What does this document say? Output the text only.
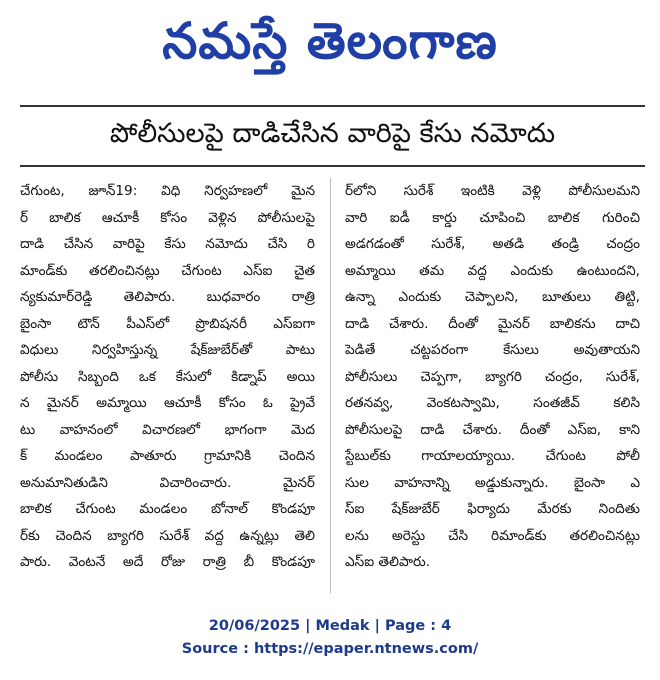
నమస్తే తెలంగాణ
పోలీసులపై దాడిచేసిన వారిపై కేసు నమోదు
చేగుంట, జూన్19: విధి నిర్వహణలో మైన
ర్ బాలిక ఆచూకీ కోసం వెళ్లిన పోలీసులపై
దాడి చేసిన వారిపై కేసు నమోదు చేసి రి
మాండ్‌కు తరలించినట్లు చేగుంట ఎస్‌ఐ చైత
న్యకుమార్‌రెడ్డి తెలిపారు. బుధవారం రాత్రి
బైంసా టౌన్ పీఎస్‌లో ప్రొబిషనరీ ఎస్‌ఐగా
విధులు నిర్వహిస్తున్న షేక్‌జుబేర్‌తో పాటు
పోలీసు సిబ్బంది ఒక కేసులో కిడ్నాప్ అయి
న మైనర్ అమ్మాయి ఆచూకీ కోసం ఓ ప్రైవే
టు వాహనంలో విచారణలో భాగంగా మెద
క్ మండలం పాతూరు గ్రామానికి చెందిన
అనుమానితుడిని విచారించారు. మైనర్
బాలిక చేగుంట మండలం బోనాల్ కొండపూ
ర్‌కు చెందిన బ్యాగరి సురేశ్ వద్ద ఉన్నట్లు తెలి
పారు. వెంటనే అదే రోజు రాత్రి బీ కొండపూ
ర్‌లోని సురేశ్ ఇంటికి వెళ్లి పోలీసులమని
వారి ఐడీ కార్డు చూపించి బాలిక గురించి
అడగడంతో సురేశ్, అతడి తండ్రి చంద్రం
అమ్మాయి తమ వద్ద ఎందుకు ఉంటుందని,
ఉన్నా ఎందుకు చెప్పాలని, బూతులు తిట్టి,
దాడి చేశారు. దీంతో మైనర్ బాలికను దాచి
పెడితే చట్టపరంగా కేసులు అవుతాయని
పోలీసులు చెప్పగా, బ్యాగరి చంద్రం, సురేశ్,
రతనవ్వ, వెంకటస్వామి, సంతజీవ్ కలిసి
పోలీసులపై దాడి చేశారు. దీంతో ఎస్‌ఐ, కాని
స్టేబుల్‌కు గాయాలయ్యాయి. చేగుంట పోలీ
సుల వాహనాన్ని అడ్డుకున్నారు. బైంసా ఎ
స్‌ఐ షేక్‌జుబేర్ ఫిర్యాదు మేరకు నిందితు
లను అరెస్టు చేసి రిమాండ్‌కు తరలించినట్లు
ఎస్‌ఐ తెలిపారు.
20/06/2025 | Medak | Page : 4
Source : https://epaper.ntnews.com/
